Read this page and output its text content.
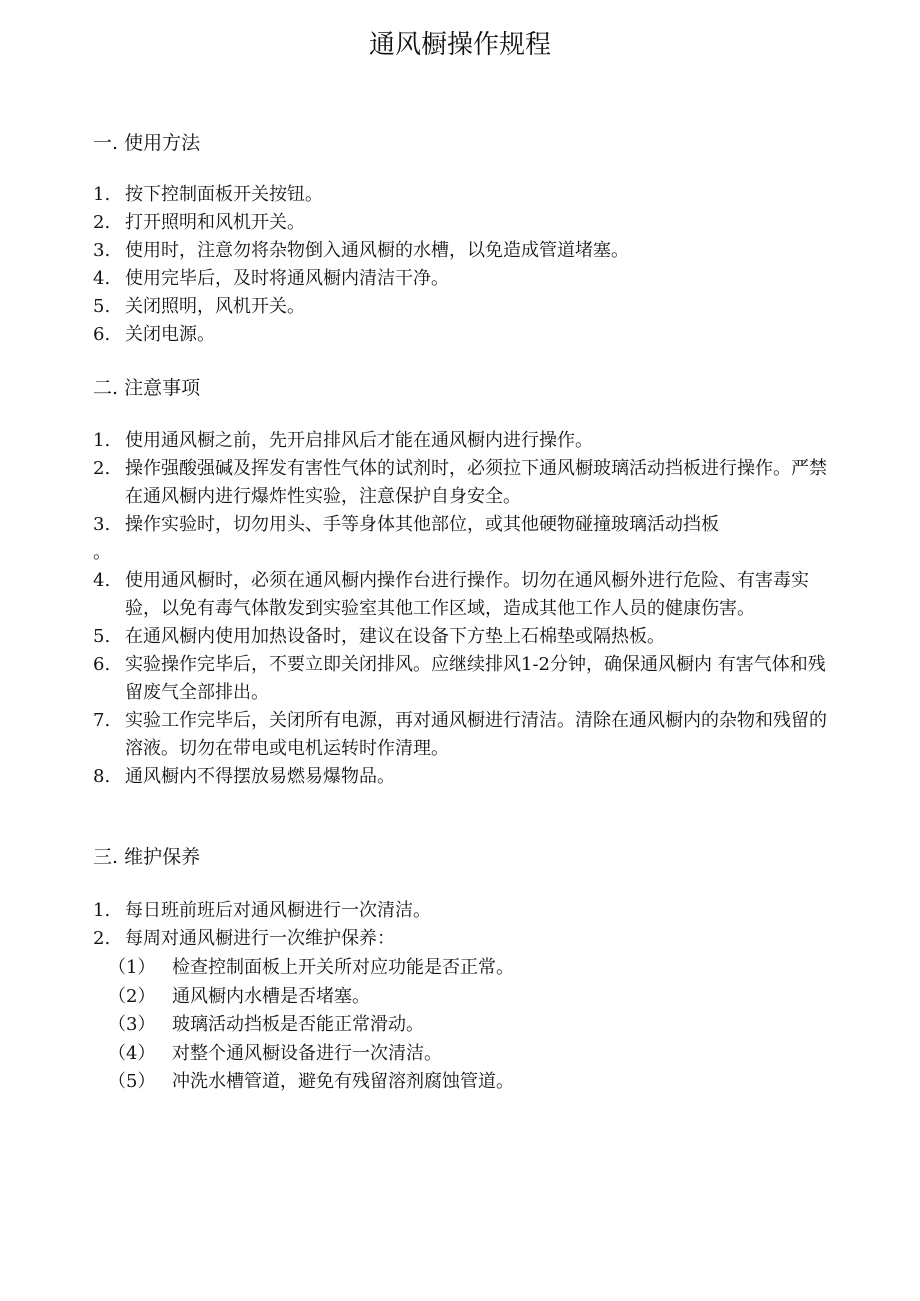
通风橱操作规程
一. 使用方法
1. 按下控制面板开关按钮。
2. 打开照明和风机开关。
3. 使用时，注意勿将杂物倒入通风橱的水槽，以免造成管道堵塞。
4. 使用完毕后，及时将通风橱内清洁干净。
5. 关闭照明，风机开关。
6. 关闭电源。
二. 注意事项
1. 使用通风橱之前，先开启排风后才能在通风橱内进行操作。
2. 操作强酸强碱及挥发有害性气体的试剂时，必须拉下通风橱玻璃活动挡板进行操作。严禁在通风橱内进行爆炸性实验，注意保护自身安全。
3. 操作实验时，切勿用头、手等身体其他部位，或其他硬物碰撞玻璃活动挡板
。
4. 使用通风橱时，必须在通风橱内操作台进行操作。切勿在通风橱外进行危险、有害毒实验，以免有毒气体散发到实验室其他工作区域，造成其他工作人员的健康伤害。
5. 在通风橱内使用加热设备时，建议在设备下方垫上石棉垫或隔热板。
6. 实验操作完毕后，不要立即关闭排风。应继续排风1-2分钟，确保通风橱内 有害气体和残留废气全部排出。
7. 实验工作完毕后，关闭所有电源，再对通风橱进行清洁。清除在通风橱内的杂物和残留的溶液。切勿在带电或电机运转时作清理。
8. 通风橱内不得摆放易燃易爆物品。
三. 维护保养
1. 每日班前班后对通风橱进行一次清洁。
2. 每周对通风橱进行一次维护保养：
（1） 检查控制面板上开关所对应功能是否正常。
（2） 通风橱内水槽是否堵塞。
（3） 玻璃活动挡板是否能正常滑动。
（4） 对整个通风橱设备进行一次清洁。
（5） 冲洗水槽管道，避免有残留溶剂腐蚀管道。
